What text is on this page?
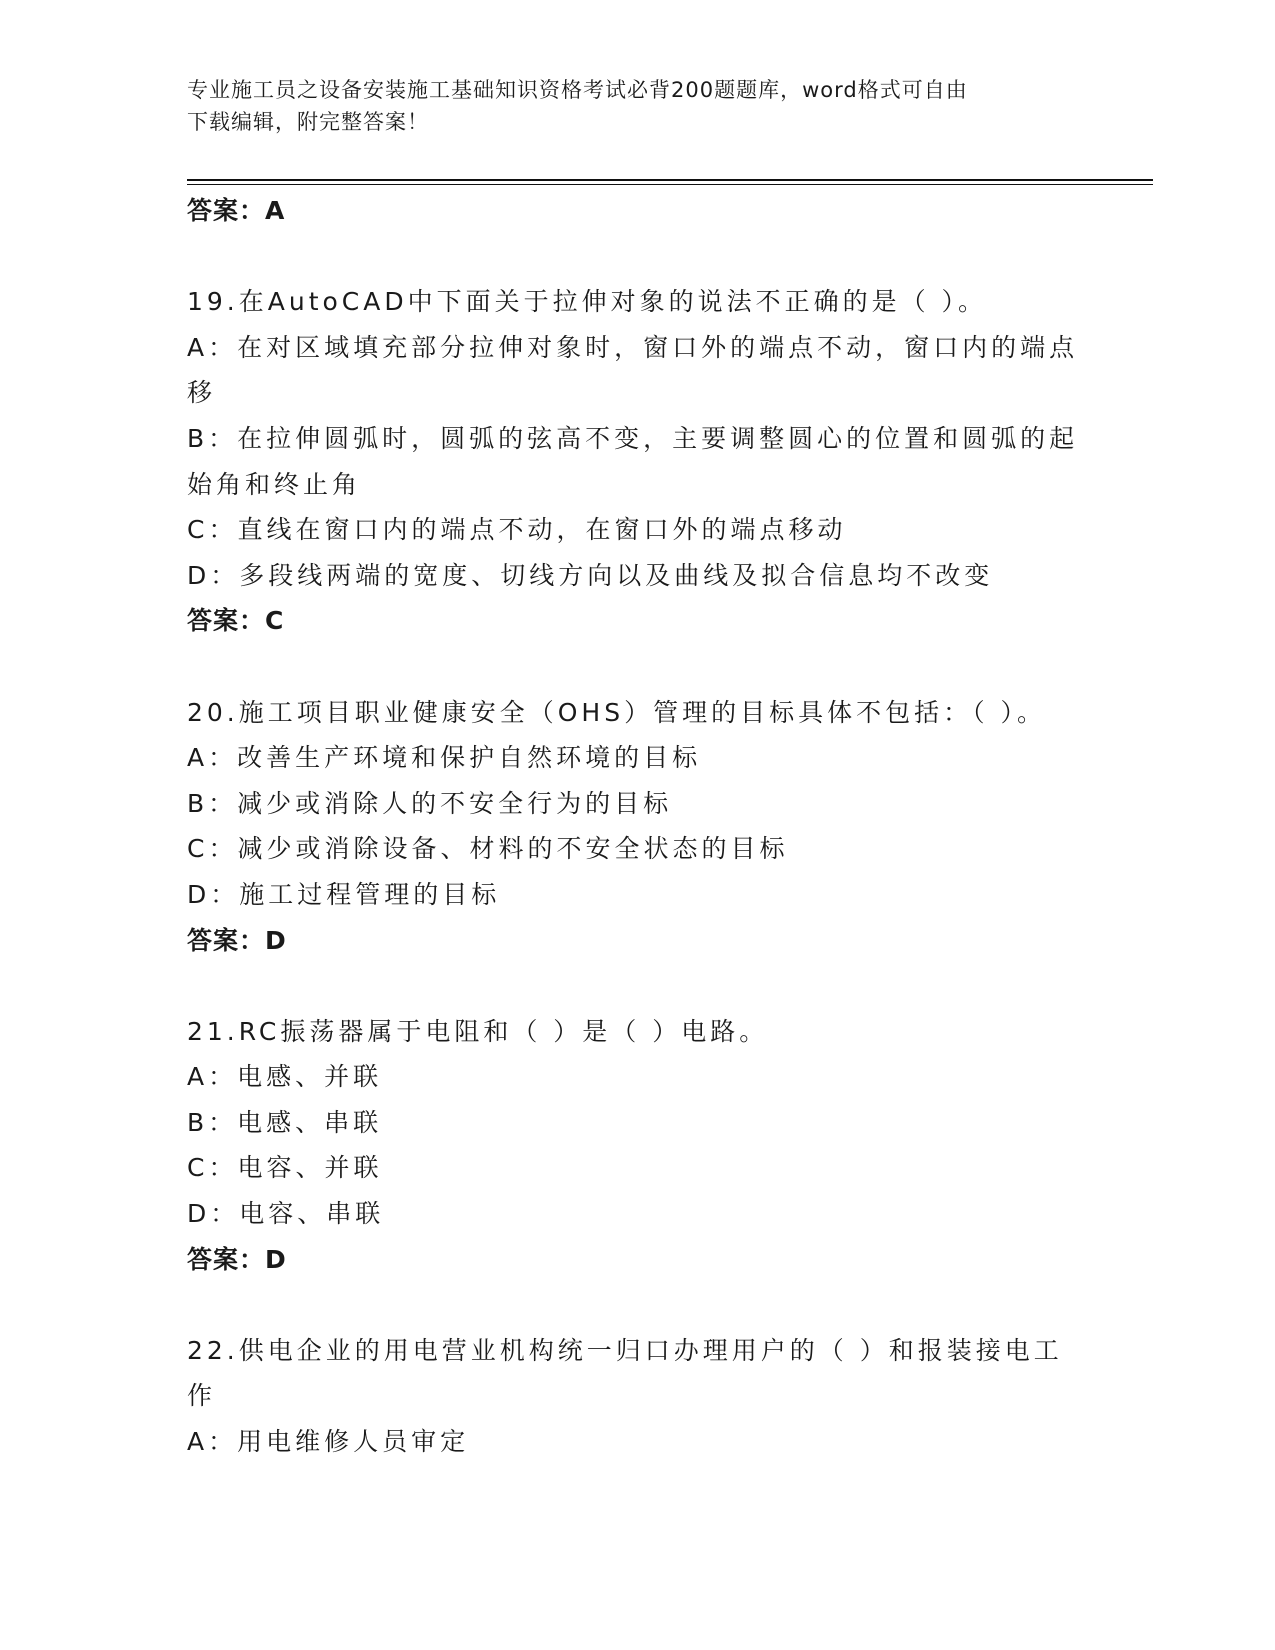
专业施工员之设备安装施工基础知识资格考试必背200题题库，word格式可自由
下载编辑，附完整答案！
答案：A
19.在AutoCAD中下面关于拉伸对象的说法不正确的是（ ）。
A：在对区域填充部分拉伸对象时，窗口外的端点不动，窗口内的端点
移
B：在拉伸圆弧时，圆弧的弦高不变，主要调整圆心的位置和圆弧的起
始角和终止角
C：直线在窗口内的端点不动，在窗口外的端点移动
D：多段线两端的宽度、切线方向以及曲线及拟合信息均不改变
答案：C
20.施工项目职业健康安全（OHS）管理的目标具体不包括：（ ）。
A：改善生产环境和保护自然环境的目标
B：减少或消除人的不安全行为的目标
C：减少或消除设备、材料的不安全状态的目标
D：施工过程管理的目标
答案：D
21.RC振荡器属于电阻和（ ）是（ ）电路。
A：电感、并联
B：电感、串联
C：电容、并联
D：电容、串联
答案：D
22.供电企业的用电营业机构统一归口办理用户的（ ）和报装接电工
作
A：用电维修人员审定
